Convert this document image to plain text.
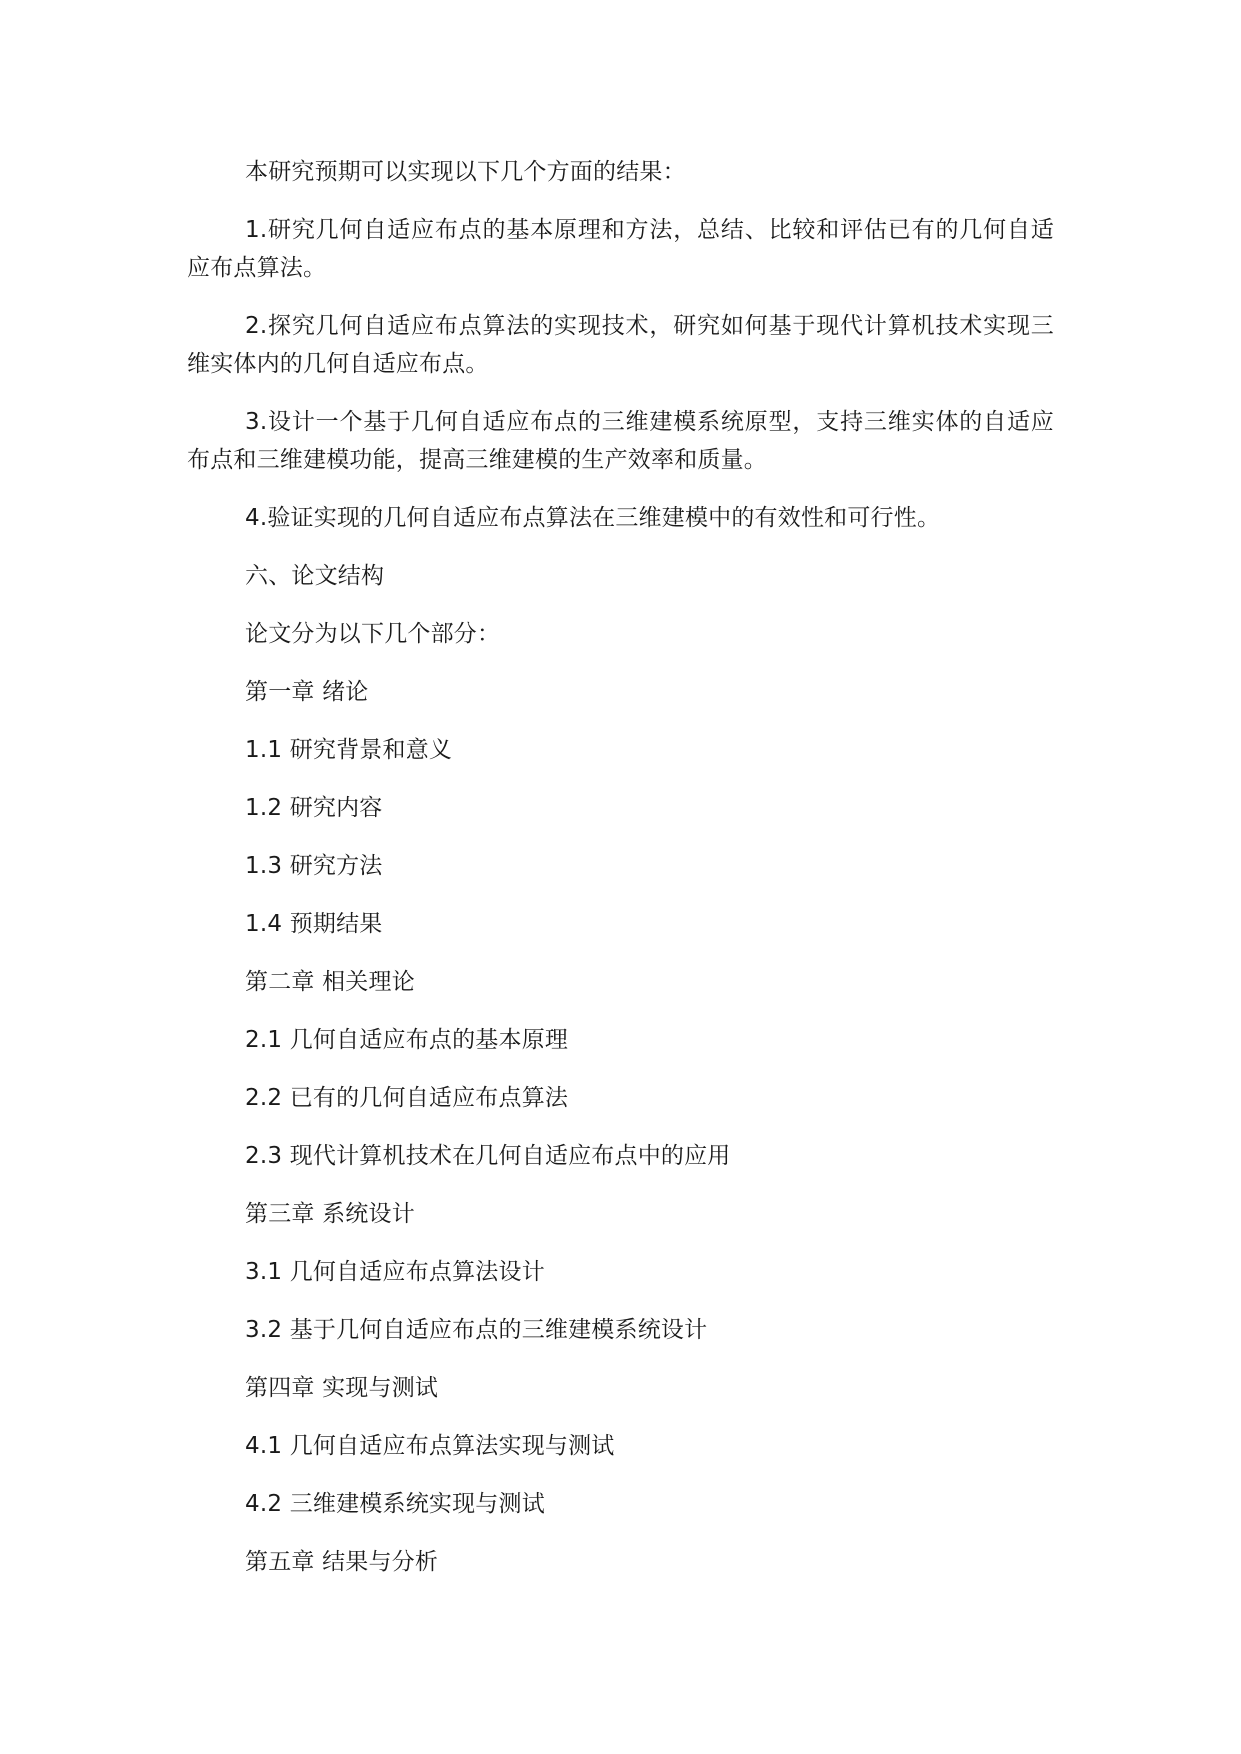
本研究预期可以实现以下几个方面的结果：

1.研究几何自适应布点的基本原理和方法，总结、比较和评估已有的几何自适应布点算法。

2.探究几何自适应布点算法的实现技术，研究如何基于现代计算机技术实现三维实体内的几何自适应布点。

3.设计一个基于几何自适应布点的三维建模系统原型，支持三维实体的自适应布点和三维建模功能，提高三维建模的生产效率和质量。

4.验证实现的几何自适应布点算法在三维建模中的有效性和可行性。

六、论文结构

论文分为以下几个部分：

第一章 绪论

1.1 研究背景和意义

1.2 研究内容

1.3 研究方法

1.4 预期结果

第二章 相关理论

2.1 几何自适应布点的基本原理

2.2 已有的几何自适应布点算法

2.3 现代计算机技术在几何自适应布点中的应用

第三章 系统设计

3.1 几何自适应布点算法设计

3.2 基于几何自适应布点的三维建模系统设计

第四章 实现与测试

4.1 几何自适应布点算法实现与测试

4.2 三维建模系统实现与测试

第五章 结果与分析
